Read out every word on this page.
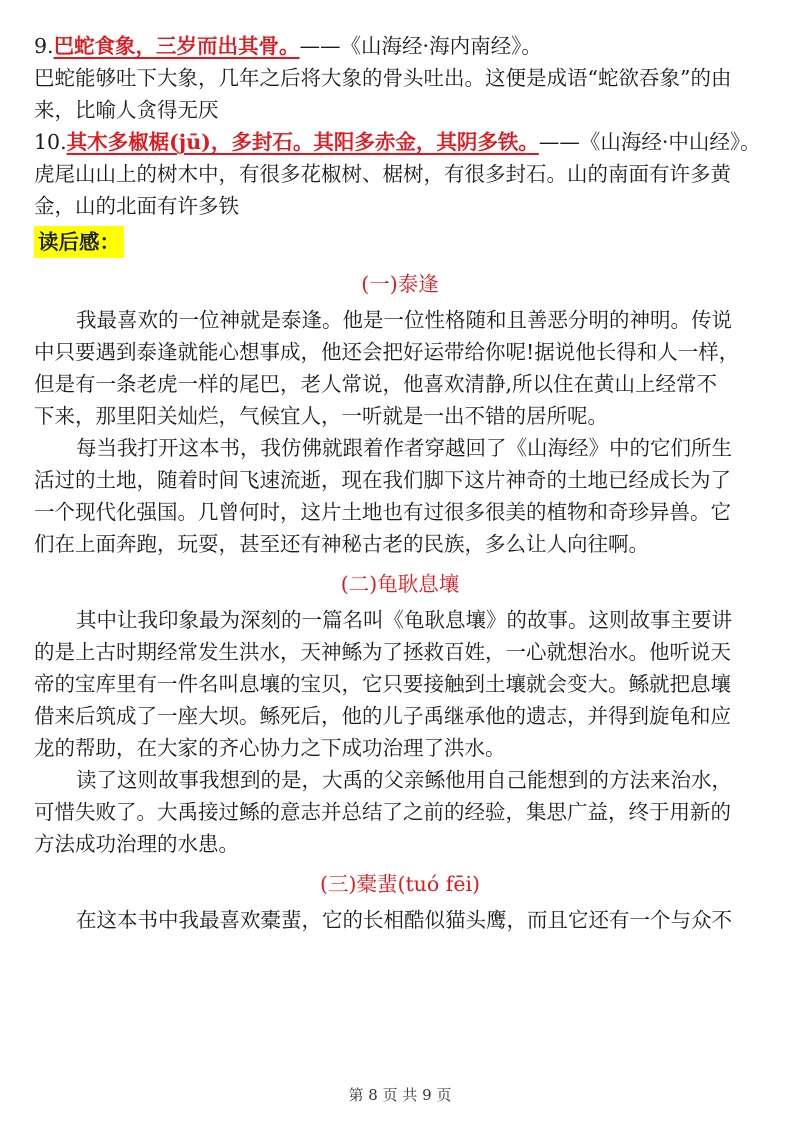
9.巴蛇食象，三岁而出其骨。——《山海经·海内南经》。
巴蛇能够吐下大象，几年之后将大象的骨头吐出。这便是成语“蛇欲吞象”的由
来，比喻人贪得无厌
10.其木多椒椐(jū)，多封石。其阳多赤金，其阴多铁。——《山海经·中山经》。
虎尾山山上的树木中，有很多花椒树、椐树，有很多封石。山的南面有许多黄
金，山的北面有许多铁
读后感：
(一)泰逢
我最喜欢的一位神就是泰逢。他是一位性格随和且善恶分明的神明。传说
中只要遇到泰逢就能心想事成，他还会把好运带给你呢!据说他长得和人一样，
但是有一条老虎一样的尾巴，老人常说，他喜欢清静,所以住在黄山上经常不
下来，那里阳关灿烂，气候宜人，一听就是一出不错的居所呢。
每当我打开这本书，我仿佛就跟着作者穿越回了《山海经》中的它们所生
活过的土地，随着时间飞速流逝，现在我们脚下这片神奇的土地已经成长为了
一个现代化强国。几曾何时，这片土地也有过很多很美的植物和奇珍异兽。它
们在上面奔跑，玩耍，甚至还有神秘古老的民族，多么让人向往啊。
(二)龟耿息壤
其中让我印象最为深刻的一篇名叫《龟耿息壤》的故事。这则故事主要讲
的是上古时期经常发生洪水，天神鲧为了拯救百姓，一心就想治水。他听说天
帝的宝库里有一件名叫息壤的宝贝，它只要接触到土壤就会变大。鲧就把息壤
借来后筑成了一座大坝。鲧死后，他的儿子禹继承他的遗志，并得到旋龟和应
龙的帮助，在大家的齐心协力之下成功治理了洪水。
读了这则故事我想到的是，大禹的父亲鲧他用自己能想到的方法来治水，
可惜失败了。大禹接过鲧的意志并总结了之前的经验，集思广益，终于用新的
方法成功治理的水患。
(三)橐蜚(tuó fēi)
在这本书中我最喜欢橐蜚，它的长相酷似猫头鹰，而且它还有一个与众不
第 8 页 共 9 页
